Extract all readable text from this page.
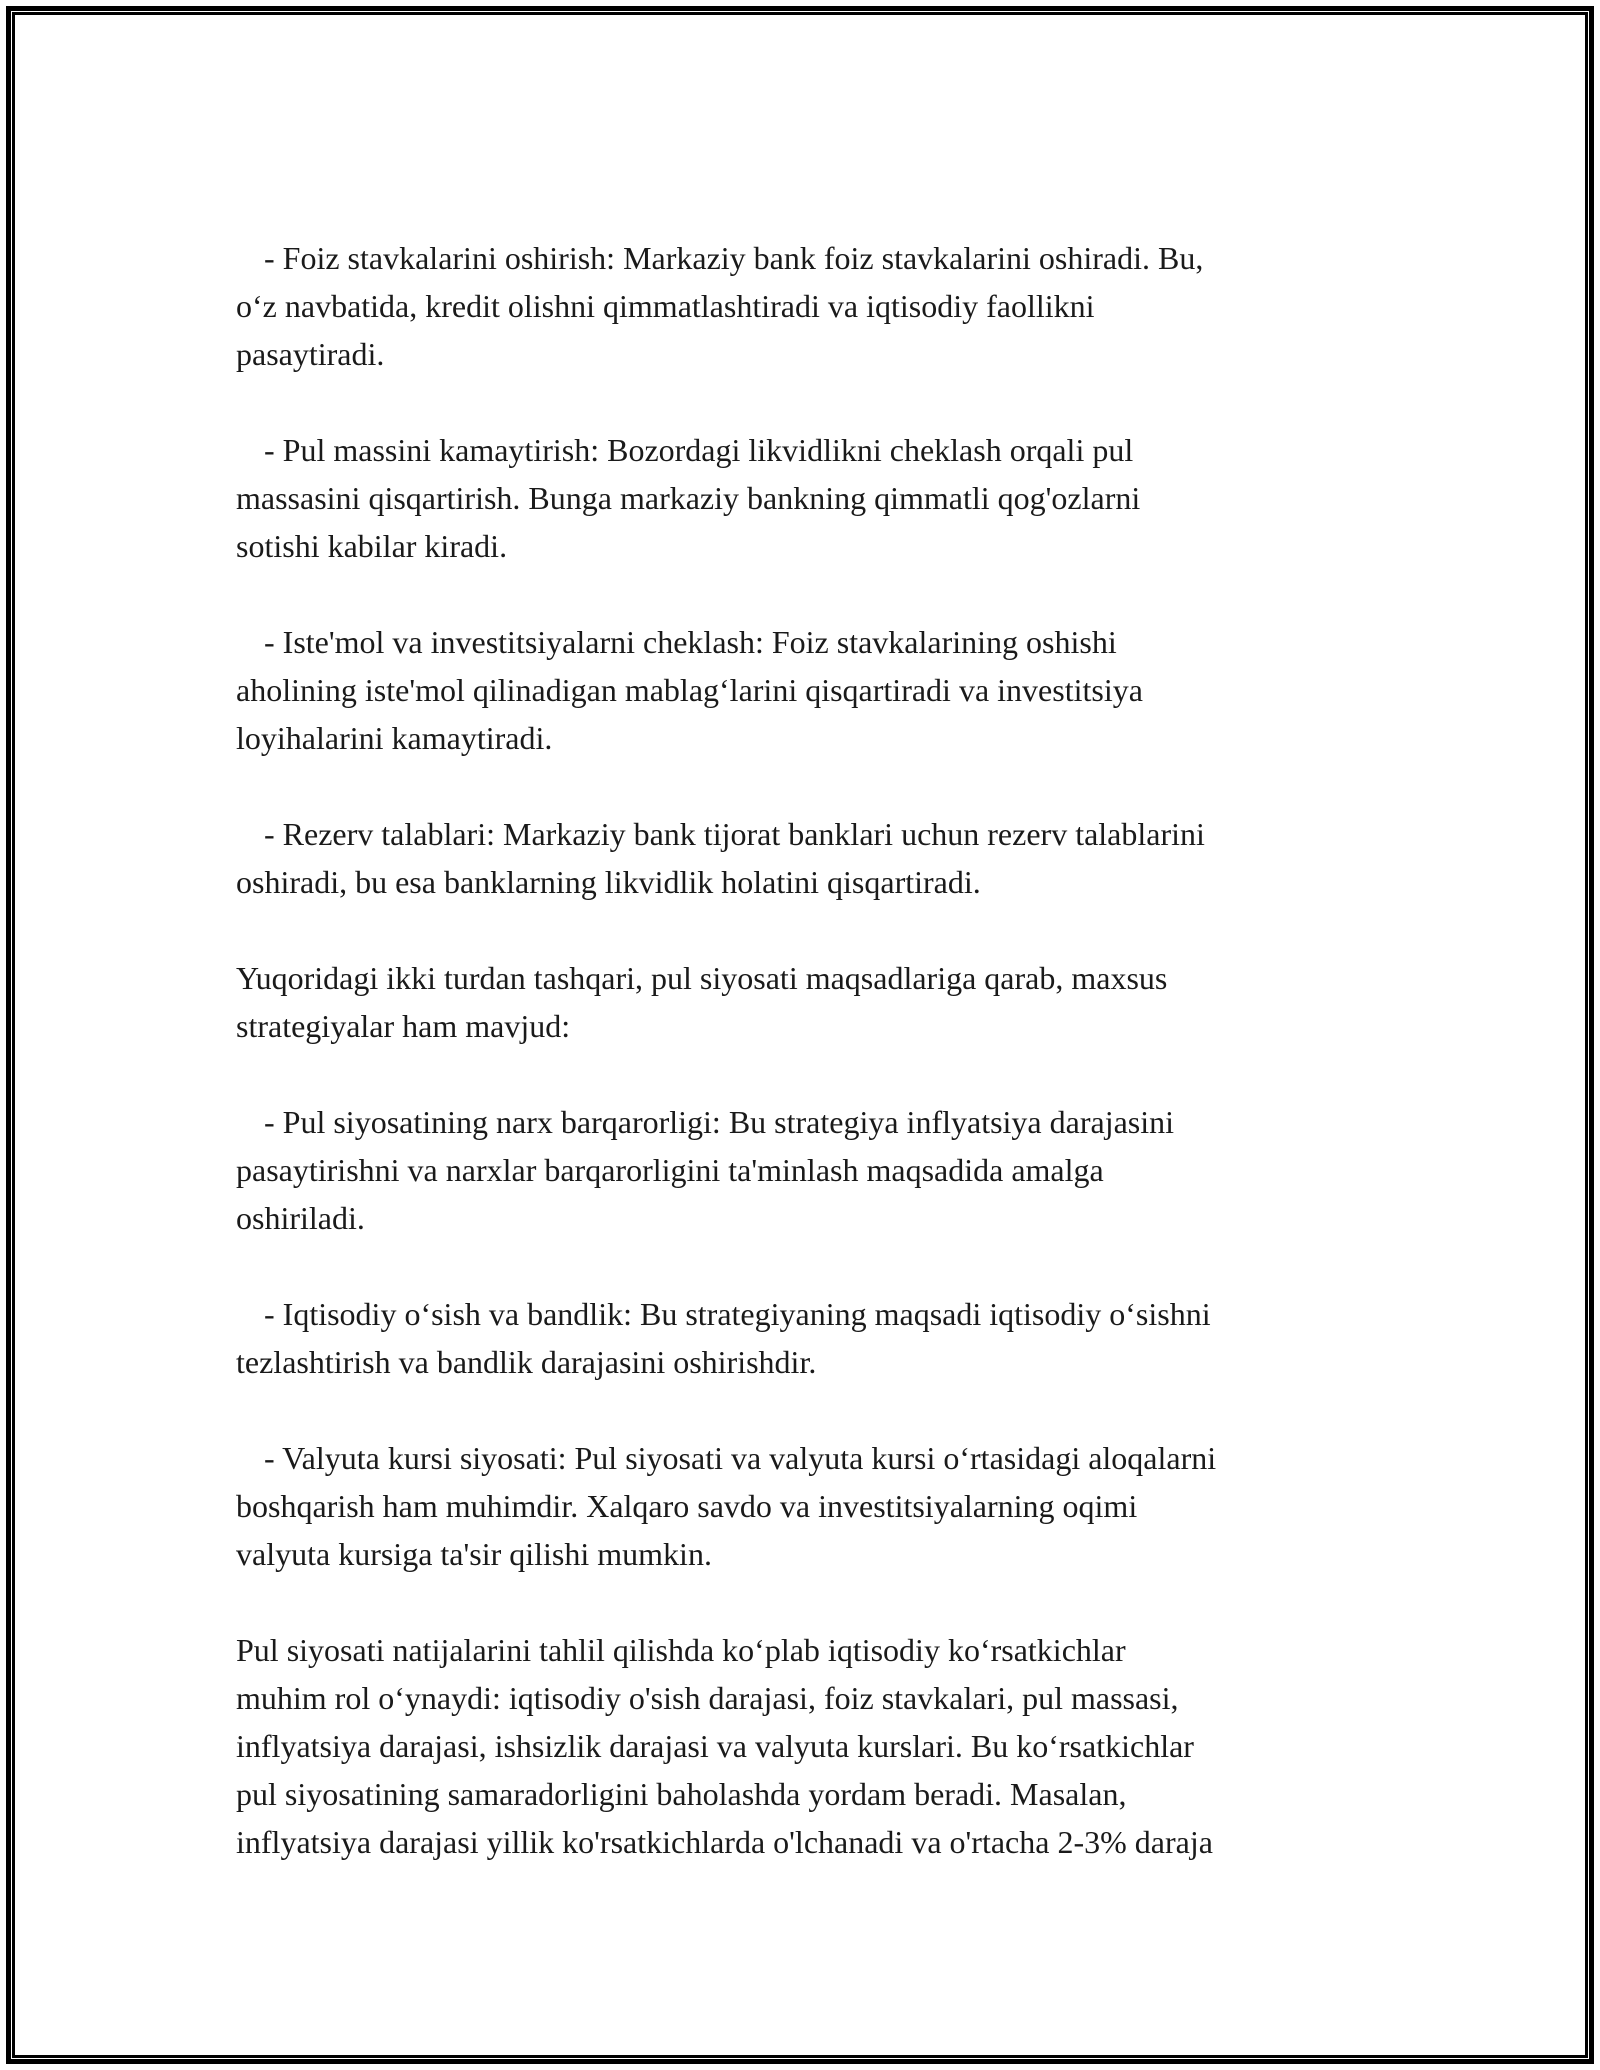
- Foiz stavkalarini oshirish: Markaziy bank foiz stavkalarini oshiradi. Bu,
o‘z navbatida, kredit olishni qimmatlashtiradi va iqtisodiy faollikni
pasaytiradi.
- Pul massini kamaytirish: Bozordagi likvidlikni cheklash orqali pul
massasini qisqartirish. Bunga markaziy bankning qimmatli qog'ozlarni
sotishi kabilar kiradi.
- Iste'mol va investitsiyalarni cheklash: Foiz stavkalarining oshishi
aholining iste'mol qilinadigan mablag‘larini qisqartiradi va investitsiya
loyihalarini kamaytiradi.
- Rezerv talablari: Markaziy bank tijorat banklari uchun rezerv talablarini
oshiradi, bu esa banklarning likvidlik holatini qisqartiradi.
Yuqoridagi ikki turdan tashqari, pul siyosati maqsadlariga qarab, maxsus
strategiyalar ham mavjud:
- Pul siyosatining narx barqarorligi: Bu strategiya inflyatsiya darajasini
pasaytirishni va narxlar barqarorligini ta'minlash maqsadida amalga
oshiriladi.
- Iqtisodiy o‘sish va bandlik: Bu strategiyaning maqsadi iqtisodiy o‘sishni
tezlashtirish va bandlik darajasini oshirishdir.
- Valyuta kursi siyosati: Pul siyosati va valyuta kursi o‘rtasidagi aloqalarni
boshqarish ham muhimdir. Xalqaro savdo va investitsiyalarning oqimi
valyuta kursiga ta'sir qilishi mumkin.
Pul siyosati natijalarini tahlil qilishda ko‘plab iqtisodiy ko‘rsatkichlar
muhim rol o‘ynaydi: iqtisodiy o'sish darajasi, foiz stavkalari, pul massasi,
inflyatsiya darajasi, ishsizlik darajasi va valyuta kurslari. Bu ko‘rsatkichlar
pul siyosatining samaradorligini baholashda yordam beradi. Masalan,
inflyatsiya darajasi yillik ko'rsatkichlarda o'lchanadi va o'rtacha 2-3% daraja
